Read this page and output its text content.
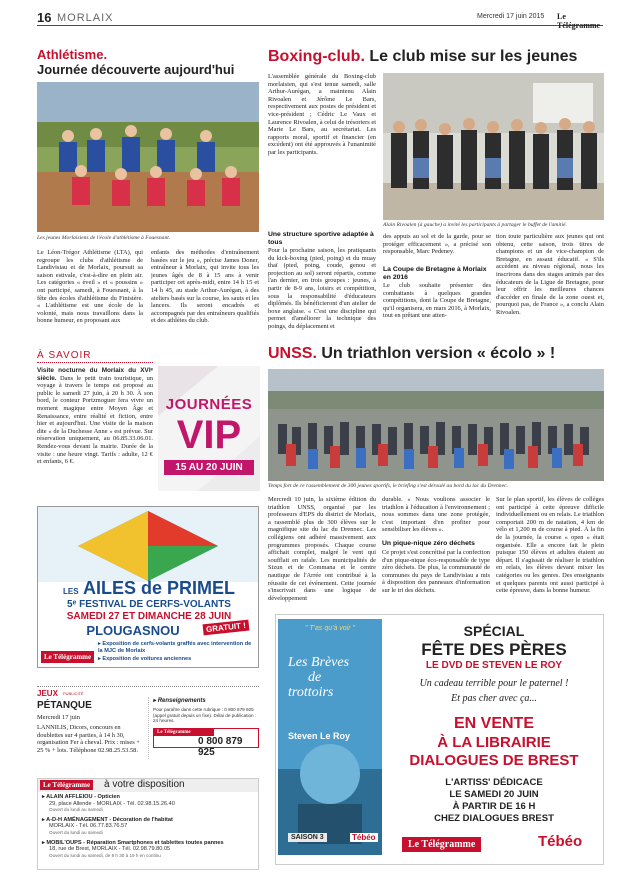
16 MORLAIX	Mercredi 17 juin 2015 Le Télégramme
Athlétisme.
Journée découverte aujourd'hui
Les jeunes Morlaisiens de l'école d'athlétisme à Fouesnant.
Le Léon-Trégor Athlétisme (LTA), qui regroupe les clubs d'athlétisme de Landivisiau et de Morlaix, poursuit sa saison estivale, c'est-à-dire en plein air. Les catégories « éveil » et « poussins » ont participé, samedi, à Fouesnant, à la fête des écoles d'athlétisme du Finistère. « L'athlétisme est une école de la volonté, mais nous travaillons dans la bonne humeur, en proposant aux
enfants des méthodes d'entraînement basées sur le jeu », précise James Doner, entraîneur à Morlaix, qui invite tous les jeunes âgés de 8 à 15 ans à venir participer cet après-midi, entre 14 h 15 et 14 h 45, au stade Arthur-Aurégan, à des ateliers basés sur la course, les sauts et les lancers. Ils seront encadrés et accompagnés par des entraîneurs qualifiés et des athlètes du club.
À SAVOIR
Visite nocturne du Morlaix du XVIᵉ siècle. Dans le petit train touristique, un voyage à travers le temps est proposé au public le samedi 27 juin, à 20 h 30. À son bord, le conteur Portzmoguer fera vivre un moment magique entre Moyen Âge et Renaissance, entre réalité et fiction, entre hier et aujourd'hui. Une visite de la maison dite « de la Duchesse Anne » est prévue. Sur réservation uniquement, au 06.85.33.06.01. Rendez-vous devant la mairie. Durée de la visite : une heure vingt. Tarifs : adulte, 12 € et enfants, 6 €.
JOURNÉES
VIP
15 AU 20 JUIN
LES AILES de PRIMEL
5ᵉ FESTIVAL DE CERFS-VOLANTS
SAMEDI 27 ET DIMANCHE 28 JUIN
PLOUGASNOU	GRATUIT !
▸ Exposition de cerfs-volants graffés avec intervention de la MJC de Morlaix
▸ Exposition de voitures anciennes
Le Télégramme
JEUX PUBLICITÉ
PÉTANQUE
Mercredi 17 juin
LANNILIS, Dicors, concours en doublettes sur 4 parties, à 14 h 30, organisation Fer à cheval. Prix : mises + 25 % + lots. Téléphone 02.98.25.53.58.
▸ Renseignements
Pour paraître dans cette rubrique : 0 800 879 925 (appel gratuit depuis un fixe). Délai de publication : 24 heures.
Le Télégramme
0 800 879 925
Le Télégramme	à votre disposition
▸ ALAIN AFFLEIOU - Opticien
29, place Allende - MORLAIX - Tél. 02.98.15.26.40
Ouvert du lundi au samedi
▸ A-D-H AMÉNAGEMENT - Décoration de l'habitat
MORLAIX - Tél. 06.77.83.76.57
Ouvert du lundi au samedi
▸ MOBIL'OUPS - Réparation Smartphones et tablettes toutes pannes
18, rue de Brest, MORLAIX - Tél. 02.98.79.80.05
Ouvert du lundi au samedi, de 9 h 30 à 19 h en continu
Boxing-club. Le club mise sur les jeunes
L'assemblée générale du Boxing-club morlaisien, qui s'est tenue samedi, salle Arthur-Aurégan, a maintenu Alain Rivoalen et Jérôme Le Bars, respectivement aux postes de président et vice-président ; Cédric Le Vaux et Laurence Rivoalen, à celui de trésoriers et Marie Le Bars, au secrétariat. Les rapports moral, sportif et financier (en excédent) ont été approuvés à l'unanimité par les participants.
Alain Rivoalen (à gauche) a invité les participants à partager le buffet de l'amitié.
Une structure sportive adaptée à tous
Pour la prochaine saison, les pratiquants du kick-boxing (pied, poing) et du muay thaï (pied, poing, coude, genou et projection au sol) seront répartis, comme l'an dernier, en trois groupes : jeunes, à partir de 8-9 ans, loisirs et compétition, sous la responsabilité d'éducateurs diplômés. Ils bénéficieront d'un atelier de boxe anglaise. « C'est une discipline qui permet d'améliorer la technique des poings, du déplacement et
des appuis au sol et de la garde, pour se protéger efficacement », a précisé son responsable, Marc Pedeney.
La Coupe de Bretagne à Morlaix en 2016
Le club souhaite présenter des combattants à quelques grandes compétitions, dont la Coupe de Bretagne, qu'il organisera, en mars 2016, à Morlaix, tout en prêtant une atten-
tion toute particulière aux jeunes qui ont obtenu, cette saison, trois titres de champions et un de vice-champion de Bretagne, en assaut éducatif. « S'ils accèdent au niveau régional, nous les inscrirons dans des stages animés par des éducateurs de la Ligue de Bretagne, pour leur offrir les meilleures chances d'accéder en finale de la zone ouest et, pourquoi pas, de France », a conclu Alain Rivoalen.
UNSS. Un triathlon version « écolo » !
Temps fort de ce rassemblement de 300 jeunes sportifs, le briefing s'est déroulé au bord du lac du Drennec.
Mercredi 10 juin, la sixième édition du triathlon UNSS, organisé par les professeurs d'EPS du district de Morlaix, a rassemblé plus de 300 élèves sur le magnifique site du lac du Drennec. Les collégiens ont adhéré massivement aux programmes proposés. Chaque course affichait complet, malgré le vent qui soufflait en rafale. Les municipalités de Sizun et de Commana et le centre nautique de l'Arrée ont contribué à la réussite de cet événement. Cette journée s'inscrivait dans une logique de développement
durable. « Nous voulions associer le triathlon à l'éducation à l'environnement ; nous sommes dans une zone protégée, c'est important d'en profiter pour sensibiliser les élèves ».
Un pique-nique zéro déchets
Ce projet s'est concrétisé par la confection d'un pique-nique éco-responsable de type zéro déchets. De plus, la communauté de communes du pays de Landivisiau a mis à disposition des panneaux d'information sur le tri des déchets.
Sur le plan sportif, les élèves de collèges ont participé à cette épreuve difficile individuellement ou en relais. Le triathlon comportait 200 m de natation, 4 km de vélo et 1,200 m de course à pied. À la fin de la journée, la course « open » était organisée. Elle a encore fait le plein puisque 150 élèves et adultes étaient au départ. Il s'agissait de réaliser le triathlon en relais, les élèves devant mixer les catégories ou les genres. Des enseignants et quelques parents ont aussi participé à cette épreuve, dans la bonne humeur.
" T'as qu'à voir "
Les Brèves
de
trottoirs
Steven Le Roy
SAISON 3	Tébéo
SPÉCIAL
FÊTE DES PÈRES
LE DVD DE STEVEN LE ROY
Un cadeau terrible pour le paternel !
Et pas cher avec ça...
EN VENTE
À LA LIBRAIRIE
DIALOGUES DE BREST
L'ARTISS' DÉDICACE
LE SAMEDI 20 JUIN
À PARTIR DE 16 H
CHEZ DIALOGUES BREST
Le Télégramme	Tébéo
